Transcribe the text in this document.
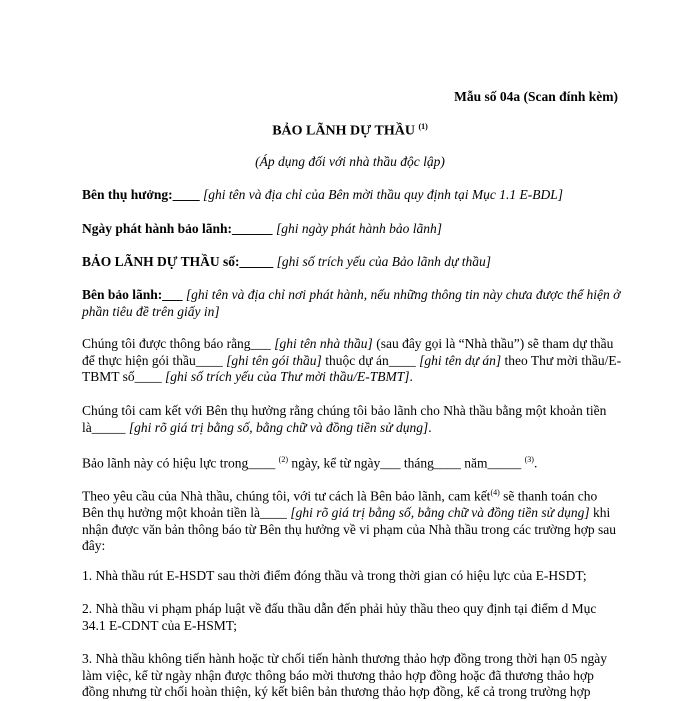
Mẫu số 04a (Scan đính kèm)
BẢO LÃNH DỰ THẦU $^{(1)}$
(Áp dụng đối với nhà thầu độc lập)
Bên thụ hưởng:____ [ghi tên và địa chỉ của Bên mời thầu quy định tại Mục 1.1 E-BDL]
Ngày phát hành bảo lãnh:______ [ghi ngày phát hành bảo lãnh]
BẢO LÃNH DỰ THẦU số:_____ [ghi số trích yếu của Bảo lãnh dự thầu]
Bên bảo lãnh:___ [ghi tên và địa chỉ nơi phát hành, nếu những thông tin này chưa được thể hiện ở phần tiêu đề trên giấy in]
Chúng tôi được thông báo rằng___ [ghi tên nhà thầu] (sau đây gọi là “Nhà thầu”) sẽ tham dự thầu để thực hiện gói thầu____ [ghi tên gói thầu] thuộc dự án____ [ghi tên dự án] theo Thư mời thầu/E-TBMT số____ [ghi số trích yếu của Thư mời thầu/E-TBMT].
Chúng tôi cam kết với Bên thụ hưởng rằng chúng tôi bảo lãnh cho Nhà thầu bằng một khoản tiền là_____ [ghi rõ giá trị bằng số, bằng chữ và đồng tiền sử dụng].
Bảo lãnh này có hiệu lực trong____ $^{(2)}$ ngày, kể từ ngày___ tháng____ năm_____ $^{(3)}$.
Theo yêu cầu của Nhà thầu, chúng tôi, với tư cách là Bên bảo lãnh, cam kết$^{(4)}$ sẽ thanh toán cho Bên thụ hưởng một khoản tiền là____ [ghi rõ giá trị bằng số, bằng chữ và đồng tiền sử dụng] khi nhận được văn bản thông báo từ Bên thụ hưởng về vi phạm của Nhà thầu trong các trường hợp sau đây:
1. Nhà thầu rút E-HSDT sau thời điểm đóng thầu và trong thời gian có hiệu lực của E-HSDT;
2. Nhà thầu vi phạm pháp luật về đấu thầu dẫn đến phải hủy thầu theo quy định tại điểm d Mục 34.1 E-CDNT của E-HSMT;
3. Nhà thầu không tiến hành hoặc từ chối tiến hành thương thảo hợp đồng trong thời hạn 05 ngày làm việc, kể từ ngày nhận được thông báo mời thương thảo hợp đồng hoặc đã thương thảo hợp đồng nhưng từ chối hoàn thiện, ký kết biên bản thương thảo hợp đồng, kể cả trong trường hợp
